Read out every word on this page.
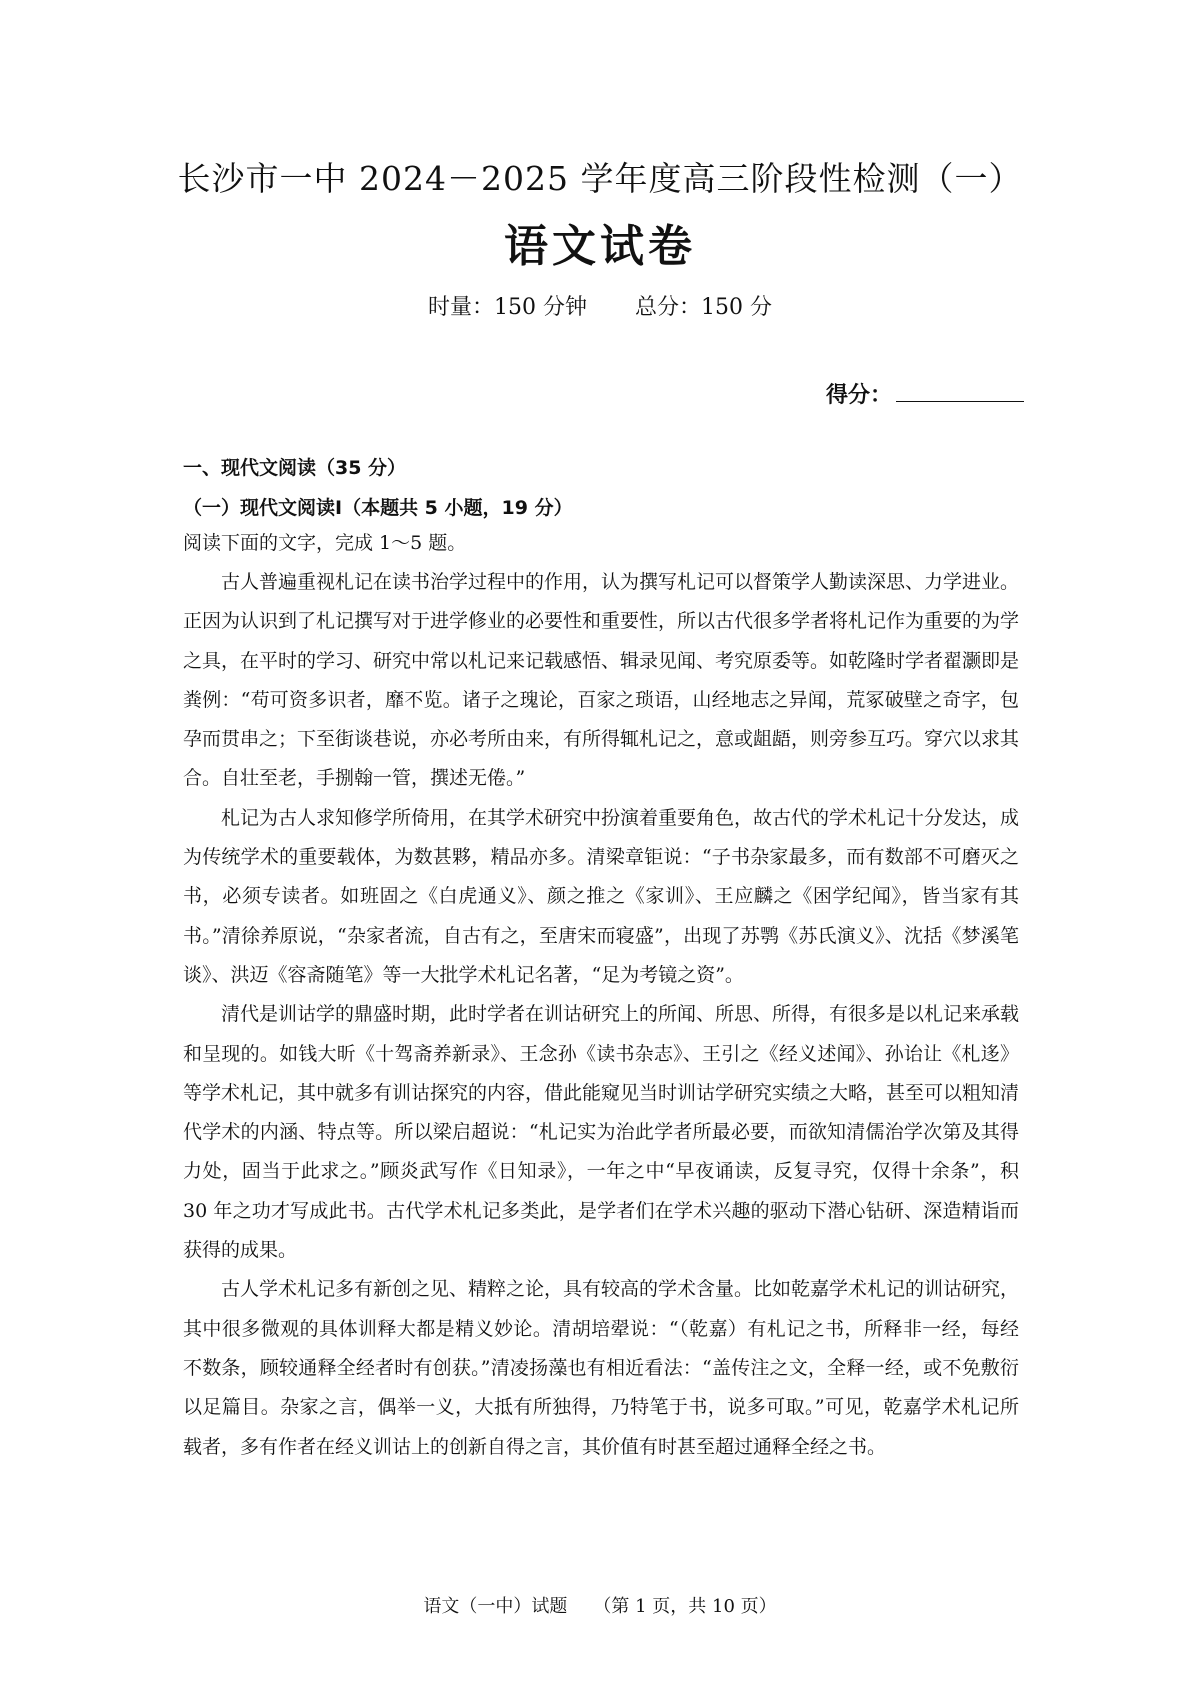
长沙市一中 2024－2025 学年度高三阶段性检测（一）
语文试卷
时量：150 分钟 总分：150 分
得分：
一、现代文阅读（35 分）
（一）现代文阅读Ⅰ（本题共 5 小题，19 分）
阅读下面的文字，完成 1～5 题。

古人普遍重视札记在读书治学过程中的作用，认为撰写札记可以督策学人勤读深思、力学进业。正因为认识到了札记撰写对于进学修业的必要性和重要性，所以古代很多学者将札记作为重要的为学之具，在平时的学习、研究中常以札记来记载感悟、辑录见闻、考究原委等。如乾隆时学者翟灏即是粪例：“苟可资多识者，靡不览。诸子之瑰论，百家之琐语，山经地志之异闻，荒冢破壁之奇字，包孕而贯串之；下至街谈巷说，亦必考所由来，有所得辄札记之，意或龃龉，则旁参互巧。穿穴以求其合。自壮至老，手捌翰一管，撰述无倦。”

札记为古人求知修学所倚用，在其学术研究中扮演着重要角色，故古代的学术札记十分发达，成为传统学术的重要载体，为数甚夥，精品亦多。清梁章钜说：“子书杂家最多，而有数部不可磨灭之书，必须专读者。如班固之《白虎通义》、颜之推之《家训》、王应麟之《困学纪闻》，皆当家有其书。”清徐养原说，“杂家者流，自古有之，至唐宋而寝盛”，出现了苏鹗《苏氏演义》、沈括《梦溪笔谈》、洪迈《容斋随笔》等一大批学术札记名著，“足为考镜之资”。

清代是训诂学的鼎盛时期，此时学者在训诂研究上的所闻、所思、所得，有很多是以札记来承载和呈现的。如钱大昕《十驾斋养新录》、王念孙《读书杂志》、王引之《经义述闻》、孙诒让《札迻》等学术札记，其中就多有训诂探究的内容，借此能窥见当时训诂学研究实绩之大略，甚至可以粗知清代学术的内涵、特点等。所以梁启超说：“札记实为治此学者所最必要，而欲知清儒治学次第及其得力处，固当于此求之。”顾炎武写作《日知录》，一年之中“早夜诵读，反复寻究，仅得十余条”，积 30 年之功才写成此书。古代学术札记多类此，是学者们在学术兴趣的驱动下潜心钻研、深造精诣而获得的成果。

古人学术札记多有新创之见、精粹之论，具有较高的学术含量。比如乾嘉学术札记的训诂研究，其中很多微观的具体训释大都是精义妙论。清胡培翚说：“（乾嘉）有札记之书，所释非一经，每经不数条，顾较通释全经者时有创获。”清凌扬藻也有相近看法：“盖传注之文，全释一经，或不免敷衍以足篇目。杂家之言，偶举一义，大抵有所独得，乃特笔于书，说多可取。”可见，乾嘉学术札记所载者，多有作者在经义训诂上的创新自得之言，其价值有时甚至超过通释全经之书。

语文（一中）试题 （第 1 页，共 10 页）
